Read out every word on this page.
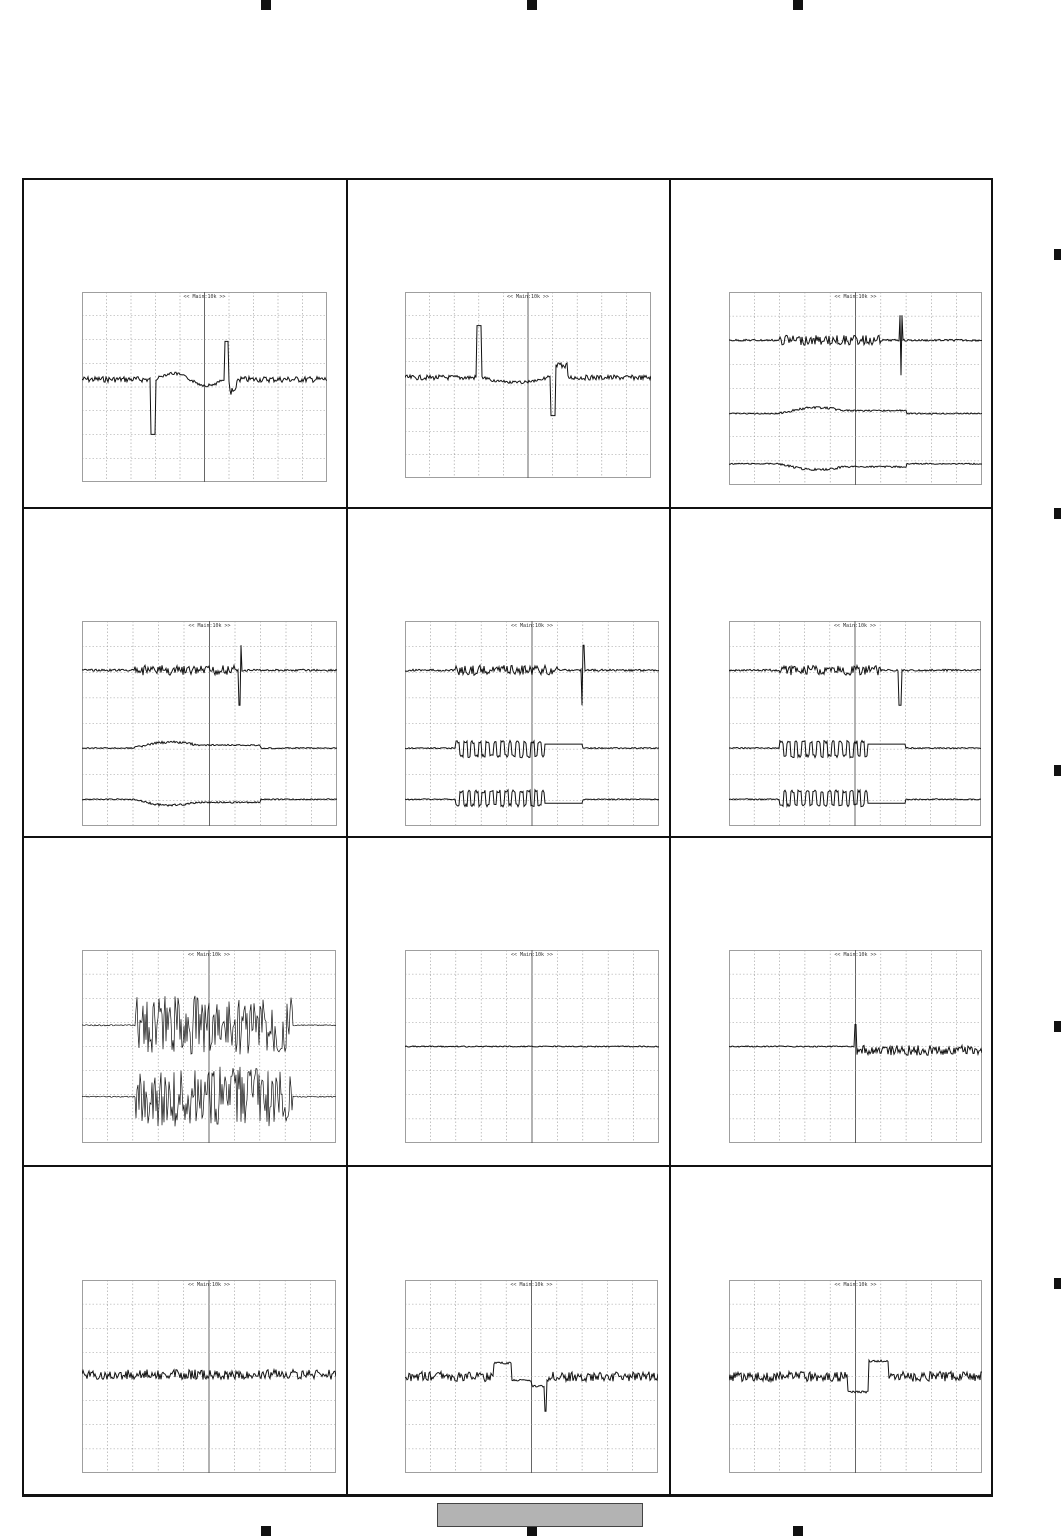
<< Main:10k >>	<< Main:10k >>	<< Main:10k >>
<< Main:10k >>	<< Main:10k >>	<< Main:10k >>
<< Main:10k >>	<< Main:10k >>	<< Main:10k >>
<< Main:10k >>	<< Main:10k >>	<< Main:10k >>
